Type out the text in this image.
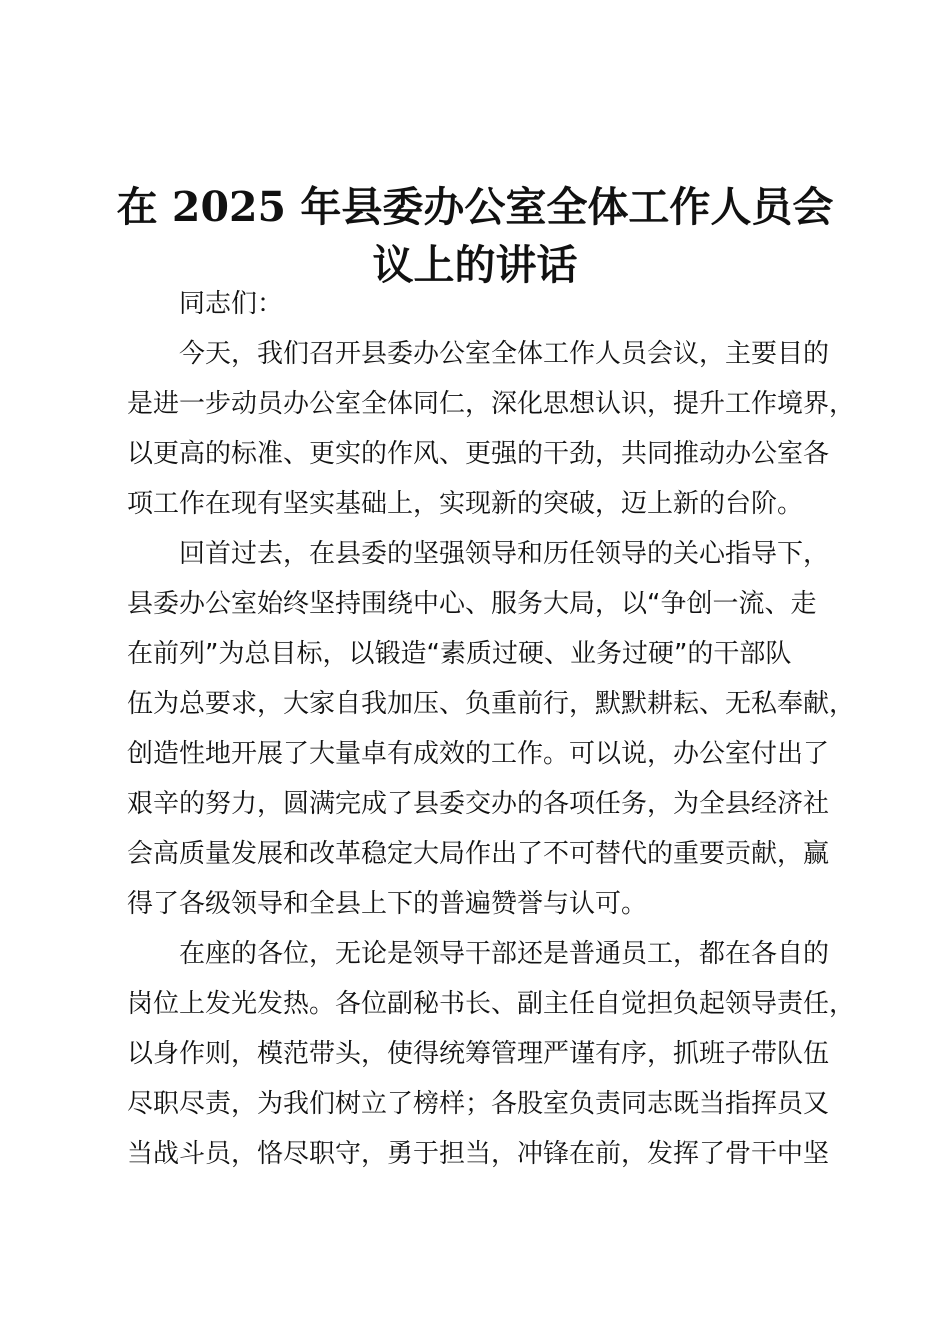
在 2025 年县委办公室全体工作人员会
议上的讲话
同志们：
今天，我们召开县委办公室全体工作人员会议，主要目的
是进一步动员办公室全体同仁，深化思想认识，提升工作境界，
以更高的标准、更实的作风、更强的干劲，共同推动办公室各
项工作在现有坚实基础上，实现新的突破，迈上新的台阶。
回首过去，在县委的坚强领导和历任领导的关心指导下，
县委办公室始终坚持围绕中心、服务大局，以“争创一流、走
在前列”为总目标，以锻造“素质过硬、业务过硬”的干部队
伍为总要求，大家自我加压、负重前行，默默耕耘、无私奉献，
创造性地开展了大量卓有成效的工作。可以说，办公室付出了
艰辛的努力，圆满完成了县委交办的各项任务，为全县经济社
会高质量发展和改革稳定大局作出了不可替代的重要贡献，赢
得了各级领导和全县上下的普遍赞誉与认可。
在座的各位，无论是领导干部还是普通员工，都在各自的
岗位上发光发热。各位副秘书长、副主任自觉担负起领导责任，
以身作则，模范带头，使得统筹管理严谨有序，抓班子带队伍
尽职尽责，为我们树立了榜样；各股室负责同志既当指挥员又
当战斗员，恪尽职守，勇于担当，冲锋在前，发挥了骨干中坚
